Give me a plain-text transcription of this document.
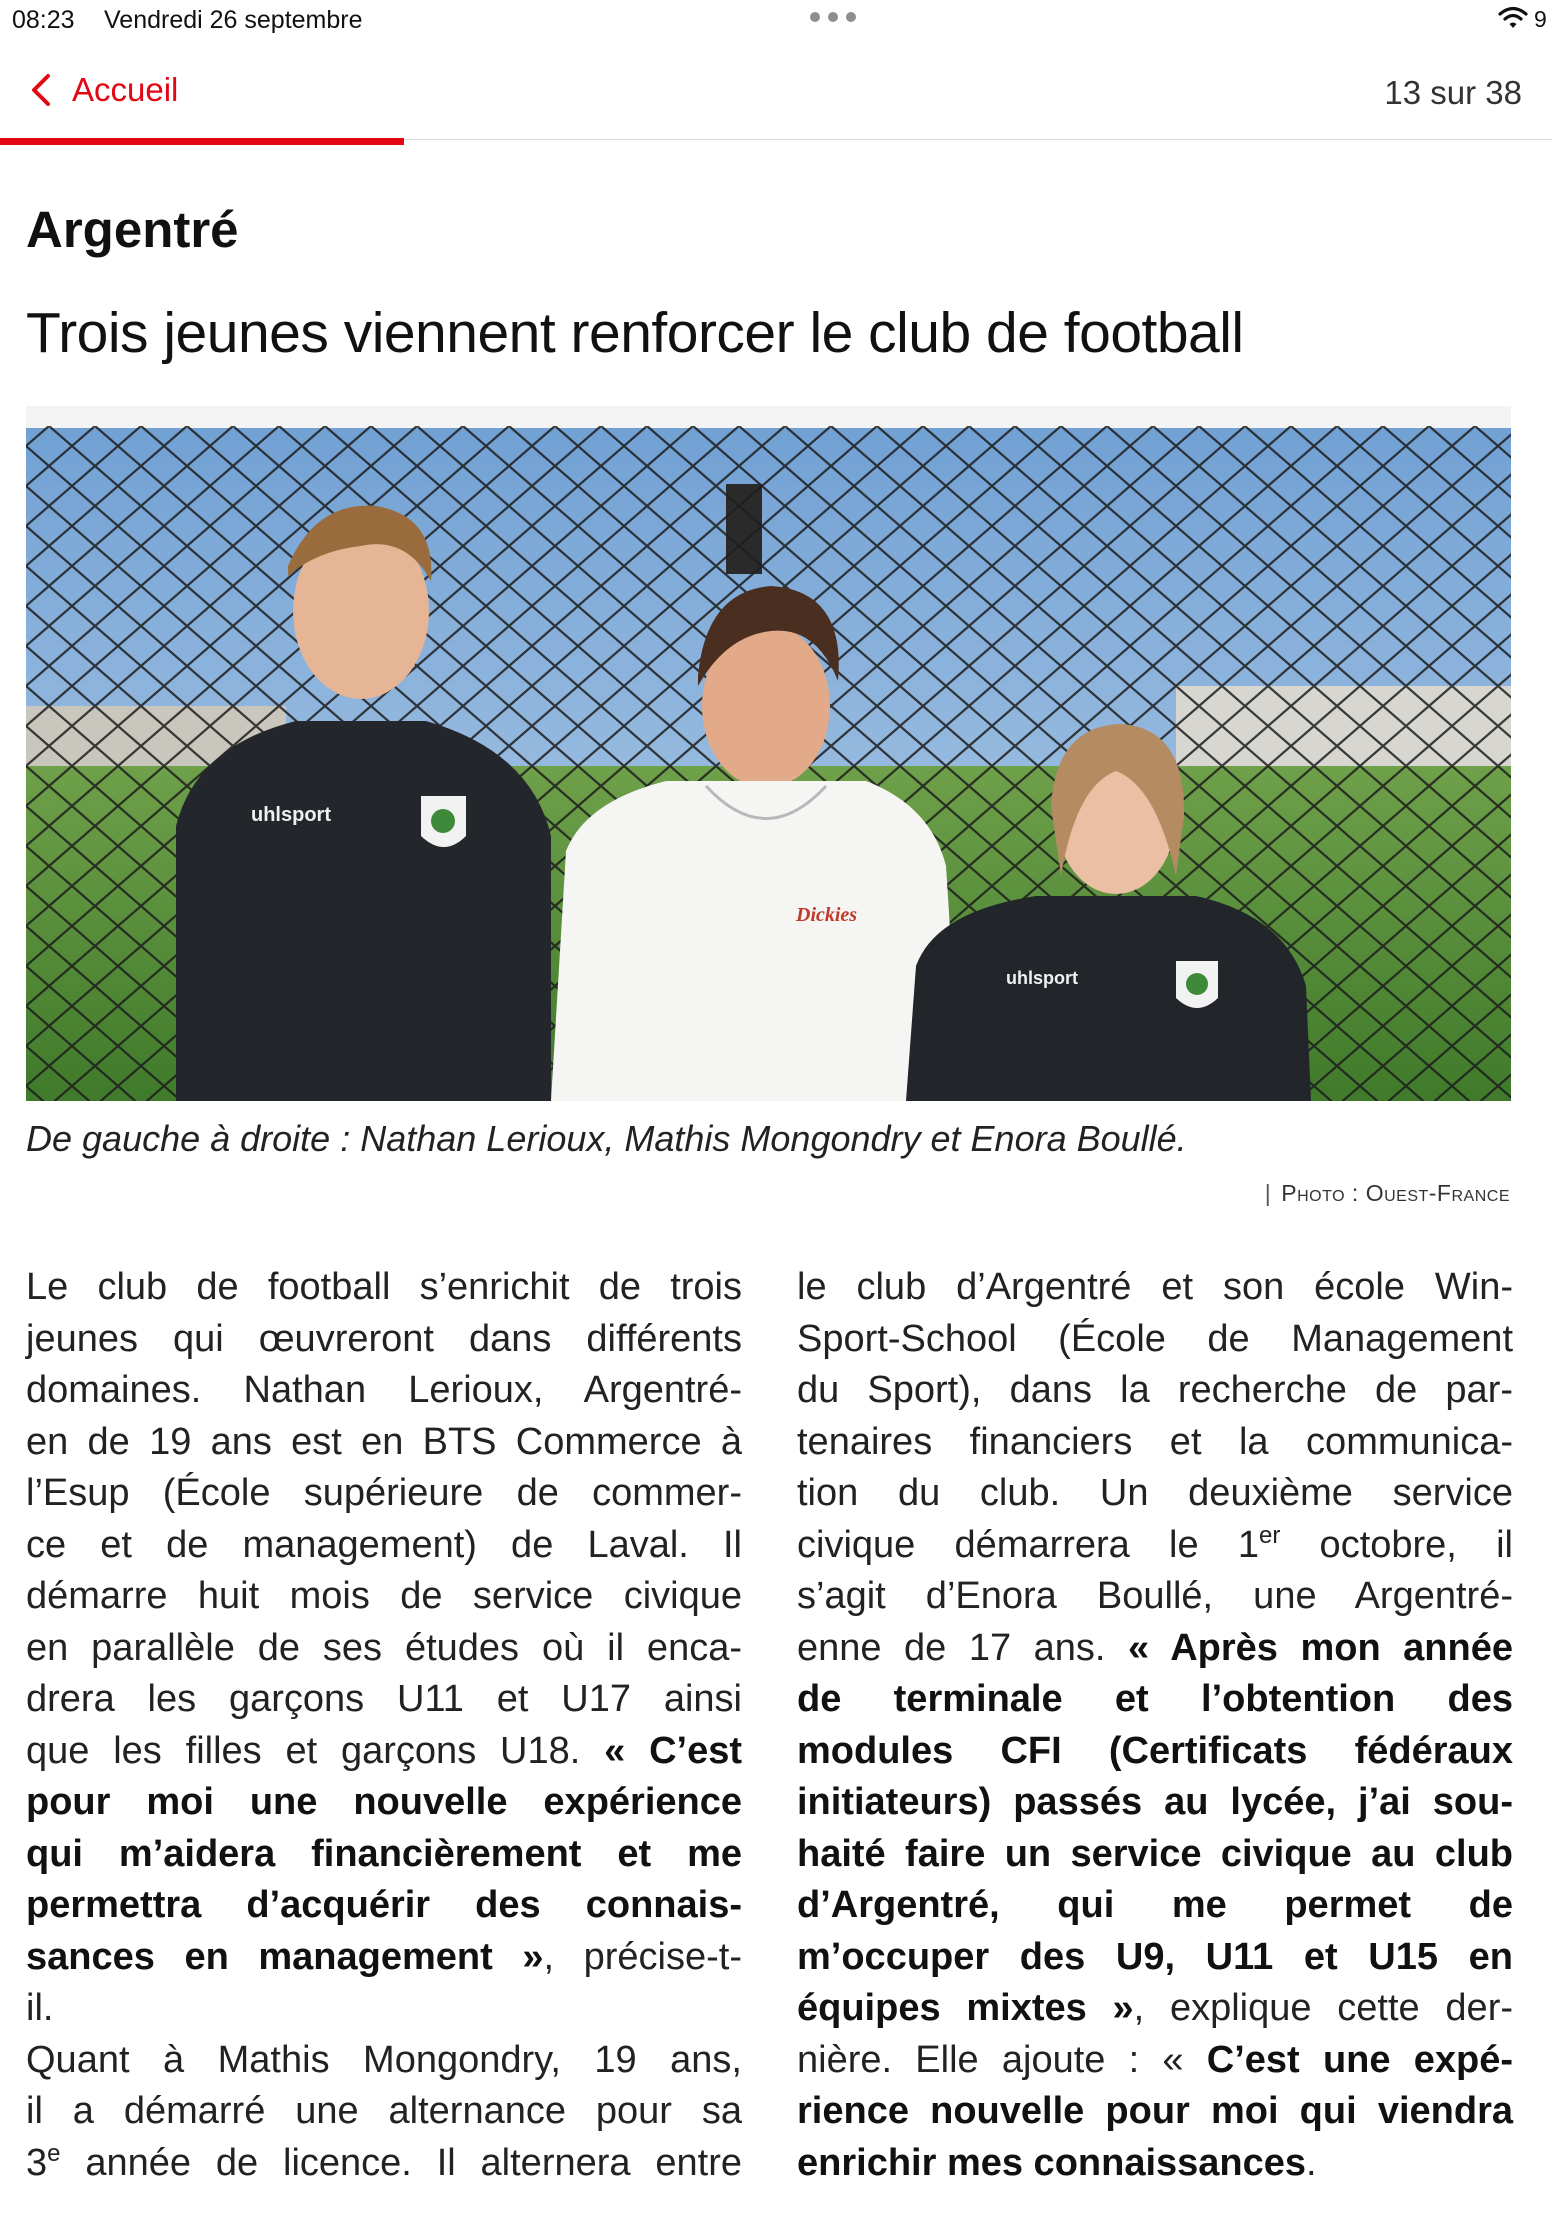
08:23 Vendredi 26 septembre	9
Accueil	13 sur 38
Argentré
Trois jeunes viennent renforcer le club de football
uhlsport
Dickies
uhlsport
De gauche à droite : Nathan Lerioux, Mathis Mongondry et Enora Boullé.
| Photo : Ouest-France
Le club de football s’enrichit de trois
jeunes qui œuvreront dans différents
domaines. Nathan Lerioux, Argentré-
en de 19 ans est en BTS Commerce à
l’Esup (École supérieure de commer-
ce et de management) de Laval. Il
démarre huit mois de service civique
en parallèle de ses études où il enca-
drera les garçons U11 et U17 ainsi
que les filles et garçons U18. « C’est
pour moi une nouvelle expérience
qui m’aidera financièrement et me
permettra d’acquérir des connais-
sances en management », précise-t-
il.
Quant à Mathis Mongondry, 19 ans,
il a démarré une alternance pour sa
3e année de licence. Il alternera entre
le club d’Argentré et son école Win-
Sport-School (École de Management
du Sport), dans la recherche de par-
tenaires financiers et la communica-
tion du club. Un deuxième service
civique démarrera le 1er octobre, il
s’agit d’Enora Boullé, une Argentré-
enne de 17 ans. « Après mon année
de terminale et l’obtention des
modules CFI (Certificats fédéraux
initiateurs) passés au lycée, j’ai sou-
haité faire un service civique au club
d’Argentré, qui me permet de
m’occuper des U9, U11 et U15 en
équipes mixtes », explique cette der-
nière. Elle ajoute : « C’est une expé-
rience nouvelle pour moi qui viendra
enrichir mes connaissances.
